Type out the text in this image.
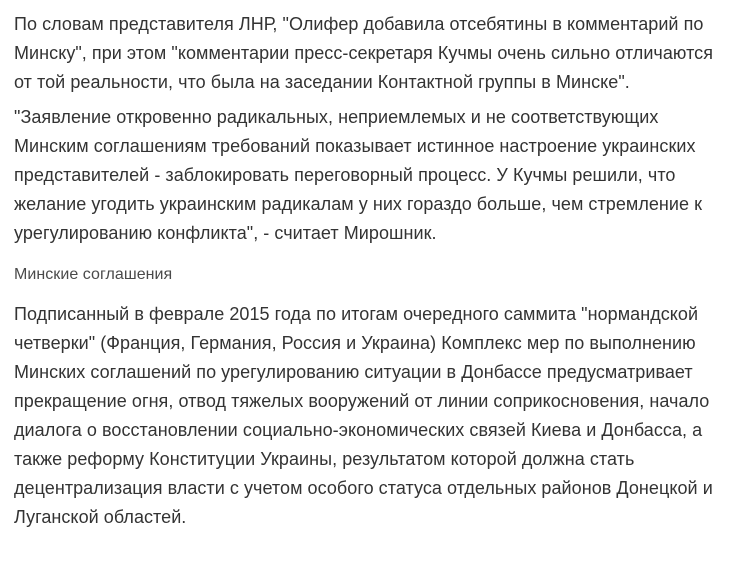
По словам представителя ЛНР, "Олифер добавила отсебятины в комментарий по Минску", при этом "комментарии пресс-секретаря Кучмы очень сильно отличаются от той реальности, что была на заседании Контактной группы в Минске".

"Заявление откровенно радикальных, неприемлемых и не соответствующих Минским соглашениям требований показывает истинное настроение украинских представителей - заблокировать переговорный процесс. У Кучмы решили, что желание угодить украинским радикалам у них гораздо больше, чем стремление к урегулированию конфликта", - считает Мирошник.

Минские соглашения

Подписанный в феврале 2015 года по итогам очередного саммита "нормандской четверки" (Франция, Германия, Россия и Украина) Комплекс мер по выполнению Минских соглашений по урегулированию ситуации в Донбассе предусматривает прекращение огня, отвод тяжелых вооружений от линии соприкосновения, начало диалога о восстановлении социально-экономических связей Киева и Донбасса, а также реформу Конституции Украины, результатом которой должна стать децентрализация власти с учетом особого статуса отдельных районов Донецкой и Луганской областей.
